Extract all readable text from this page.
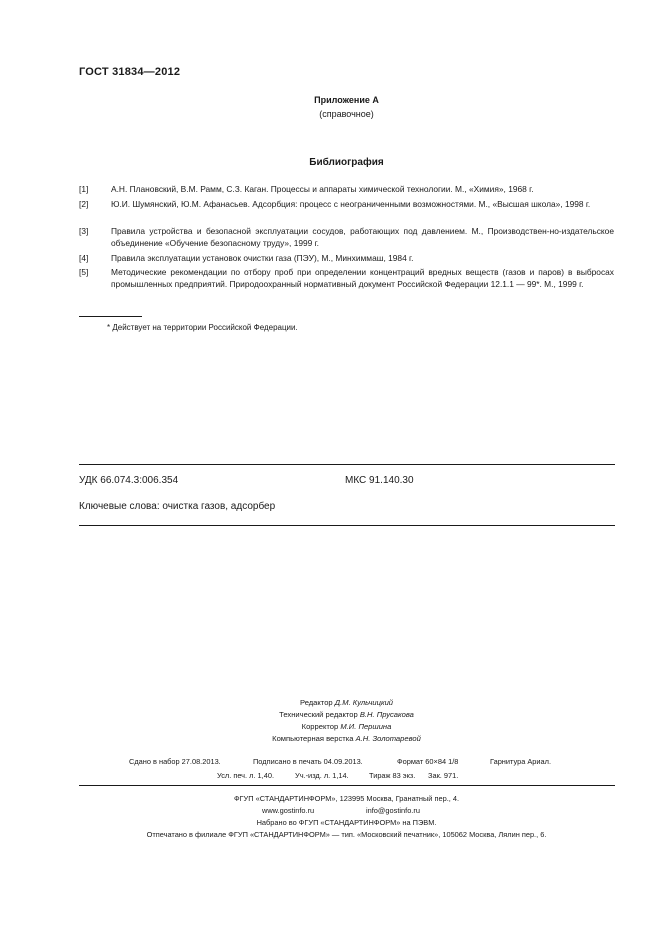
ГОСТ 31834—2012
Приложение А
(справочное)
Библиография
[1]	А.Н. Плановский, В.М. Рамм, С.З. Каган. Процессы и аппараты химической технологии. М., «Химия», 1968 г.
[2]	Ю.И. Шумянский, Ю.М. Афанасьев. Адсорбция: процесс с неограниченными возможностями. М., «Высшая школа», 1998 г.
[3]	Правила устройства и безопасной эксплуатации сосудов, работающих под давлением. М., Производствен-но-издательское объединение «Обучение безопасному труду», 1999 г.
[4]	Правила эксплуатации установок очистки газа (ПЭУ), М., Минхиммаш, 1984 г.
[5]	Методические рекомендации по отбору проб при определении концентраций вредных веществ (газов и паров) в выбросах промышленных предприятий. Природоохранный нормативный документ Российской Федерации 12.1.1 — 99*. М., 1999 г.
* Действует на территории Российской Федерации.
УДК 66.074.3:006.354	МКС 91.140.30
Ключевые слова: очистка газов, адсорбер
Редактор Д.М. Кульчицкий
Технический редактор В.Н. Прусакова
Корректор М.И. Першина
Компьютерная верстка А.Н. Золотаревой
Сдано в набор 27.08.2013.	Подписано в печать 04.09.2013.	Формат 60×84 1/8	Гарнитура Ариал.
Усл. печ. л. 1,40.	Уч.-изд. л. 1,14.	Тираж 83 экз. Зак. 971.
ФГУП «СТАНДАРТИНФОРМ», 123995 Москва, Гранатный пер., 4.
www.gostinfo.ru	info@gostinfo.ru
Набрано во ФГУП «СТАНДАРТИНФОРМ» на ПЭВМ.
Отпечатано в филиале ФГУП «СТАНДАРТИНФОРМ» — тип. «Московский печатник», 105062 Москва, Лялин пер., 6.
